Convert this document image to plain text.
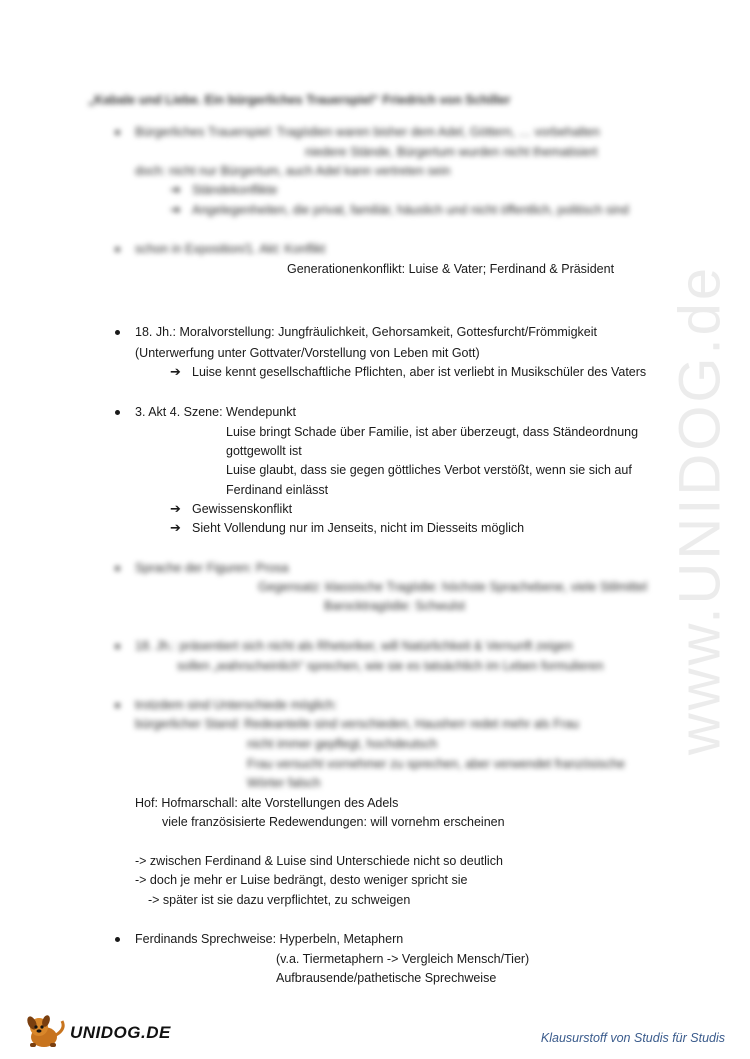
www.UNIDOG.de
„Kabale und Liebe. Ein bürgerliches Trauerspiel“ Friedrich von Schiller
Bürgerliches Trauerspiel: Tragödien waren bisher dem Adel, Göttern, … vorbehalten
niedere Stände, Bürgertum wurden nicht thematisiert
doch: nicht nur Bürgertum, auch Adel kann vertreten sein
➔ Ständekonflikte
➔ Angelegenheiten, die privat, familiär, häuslich und nicht öffentlich, politisch sind
schon in Exposition/1. Akt: Konflikt
Generationenkonflikt: Luise & Vater; Ferdinand & Präsident
18. Jh.: Moralvorstellung: Jungfräulichkeit, Gehorsamkeit, Gottesfurcht/Frömmigkeit
(Unterwerfung unter Gottvater/Vorstellung von Leben mit Gott)
➔ Luise kennt gesellschaftliche Pflichten, aber ist verliebt in Musikschüler des Vaters
3. Akt 4. Szene: Wendepunkt
Luise bringt Schade über Familie, ist aber überzeugt, dass Ständeordnung
gottgewollt ist
Luise glaubt, dass sie gegen göttliches Verbot verstößt, wenn sie sich auf
Ferdinand einlässt
➔ Gewissenskonflikt
➔ Sieht Vollendung nur im Jenseits, nicht im Diesseits möglich
Sprache der Figuren: Prosa
Gegensatz: klassische Tragödie: höchste Sprachebene, viele Stilmittel
Barocktragödie: Schwulst
18. Jh.: präsentiert sich nicht als Rhetoriker, will Natürlichkeit & Vernunft zeigen
sollen „wahrscheinlich“ sprechen, wie sie es tatsächlich im Leben formulieren
trotzdem sind Unterschiede möglich:
bürgerlicher Stand: Redeanteile sind verschieden, Hausherr redet mehr als Frau
nicht immer gepflegt, hochdeutsch
Frau versucht vornehmer zu sprechen, aber verwendet französische
Wörter falsch
Hof: Hofmarschall: alte Vorstellungen des Adels
viele französisierte Redewendungen: will vornehm erscheinen
-> zwischen Ferdinand & Luise sind Unterschiede nicht so deutlich
-> doch je mehr er Luise bedrängt, desto weniger spricht sie
-> später ist sie dazu verpflichtet, zu schweigen
Ferdinands Sprechweise: Hyperbeln, Metaphern
(v.a. Tiermetaphern -> Vergleich Mensch/Tier)
Aufbrausende/pathetische Sprechweise
UNIDOG.DE	Klausurstoff von Studis für Studis
